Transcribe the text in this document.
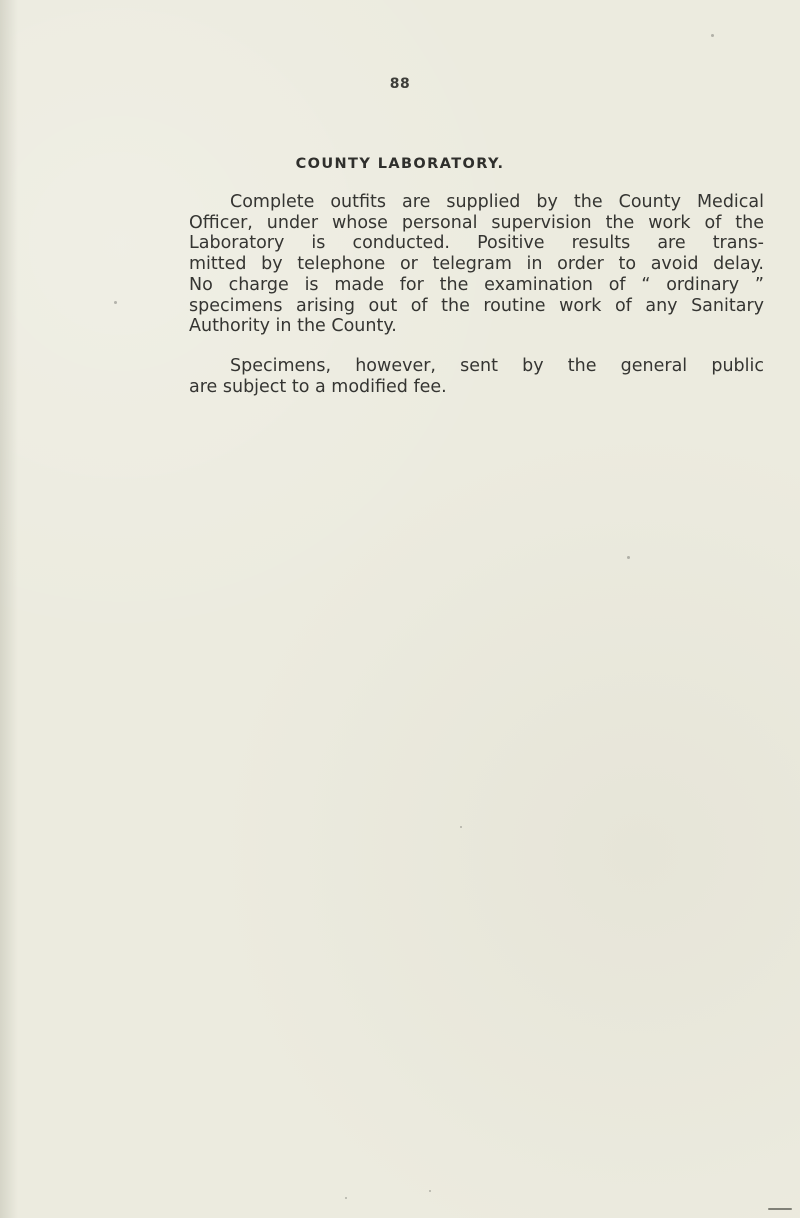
88
COUNTY LABORATORY.
Complete outfits are supplied by the County Medical
Officer, under whose personal supervision the work of the
Laboratory is conducted. Positive results are trans-
mitted by telephone or telegram in order to avoid delay.
No charge is made for the examination of “ ordinary ”
specimens arising out of the routine work of any Sanitary
Authority in the County.
Specimens, however, sent by the general public
are subject to a modified fee.
